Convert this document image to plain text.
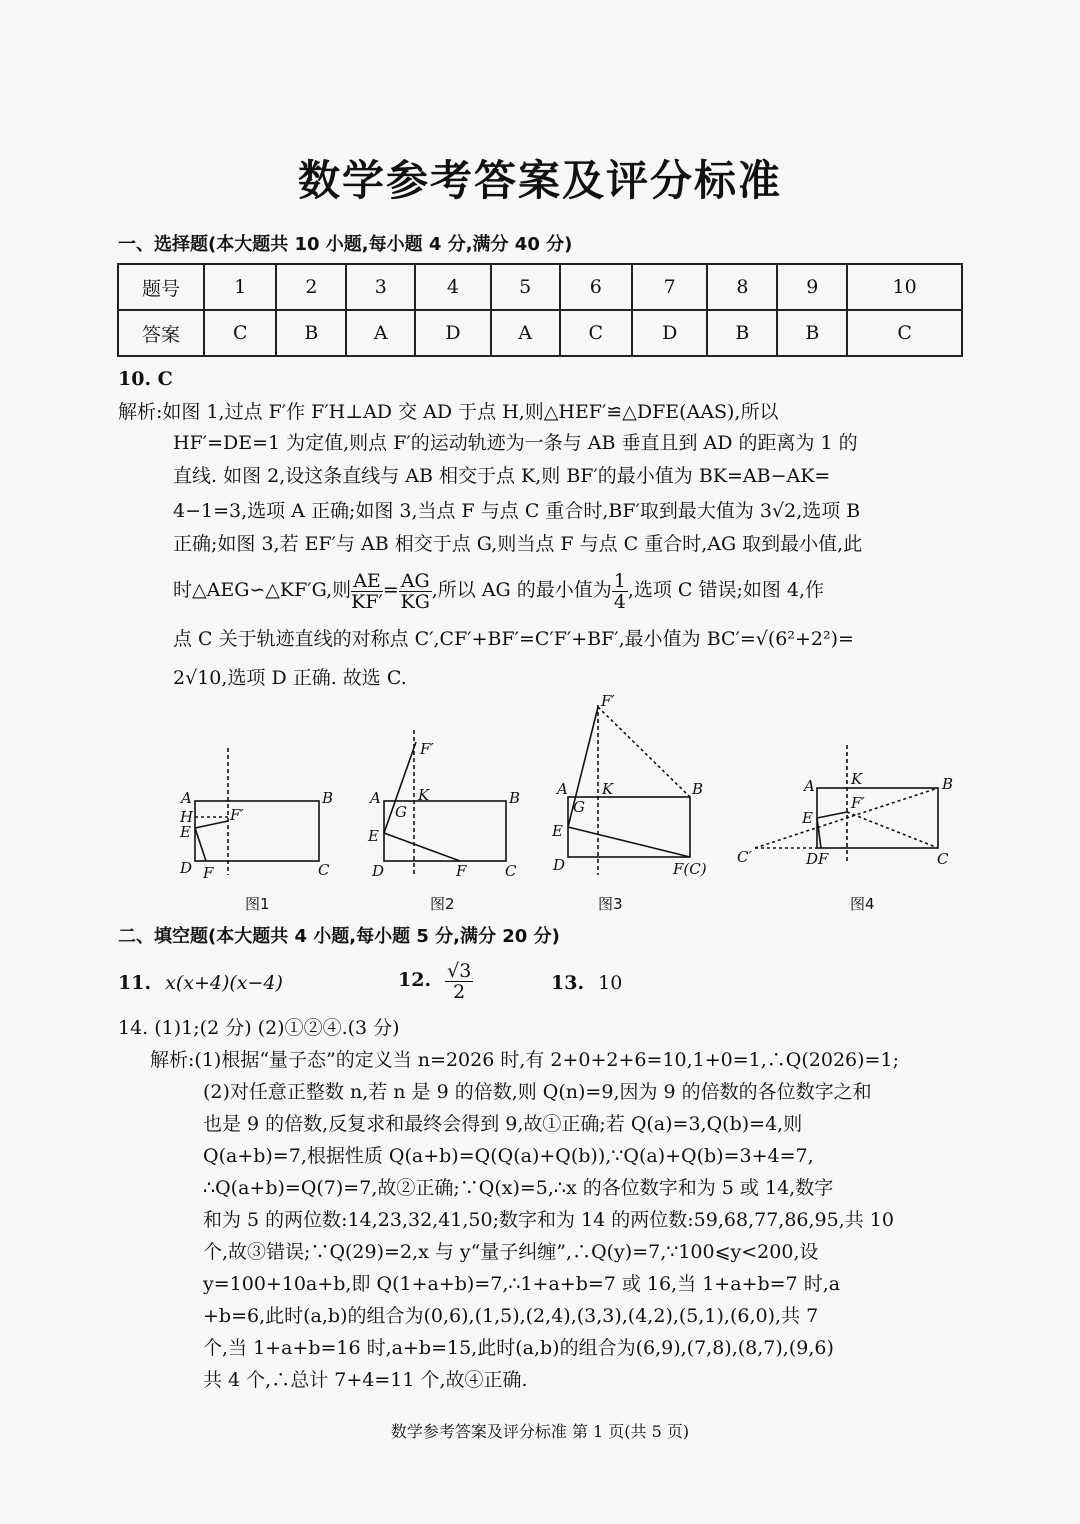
数学参考答案及评分标准
一、选择题(本大题共 10 小题,每小题 4 分,满分 40 分)
题号	1	2	3	4	5	6	7	8	9	10
答案	C	B	A	D	A	C	D	B	B	C
10. C
解析:如图 1,过点 F′作 F′H⊥AD 交 AD 于点 H,则△HEF′≌△DFE(AAS),所以
HF′=DE=1 为定值,则点 F′的运动轨迹为一条与 AB 垂直且到 AD 的距离为 1 的
直线. 如图 2,设这条直线与 AB 相交于点 K,则 BF′的最小值为 BK=AB−AK=
4−1=3,选项 A 正确;如图 3,当点 F 与点 C 重合时,BF′取到最大值为 3√2,选项 B
正确;如图 3,若 EF′与 AB 相交于点 G,则当点 F 与点 C 重合时,AG 取到最小值,此
时△AEG∽△KF′G,则 $\frac{AE}{KF'} = \frac{AG}{KG}$ ,所以 AG 的最小值为 $\frac{1}{4}$ ,选项 C 错误;如图 4,作
点 C 关于轨迹直线的对称点 C′,CF′+BF′=C′F′+BF′,最小值为 BC′=√(6²+2²)=
2√10,选项 D 正确. 故选 C.
A
H
E
D F
F′
B
C
A K
G
E
D	F
F′
B
C
A K
G
E
D	F(C)
F′
B	A K
F′
E
DF
C′
B
C
图1	图2	图3	图4
二、填空题(本大题共 4 小题,每小题 5 分,满分 20 分)
11. x(x+4)(x−4)	12. $\frac{√3}{2}$	13. 10
14. (1)1;(2 分) (2)①②④.(3 分)
解析:(1)根据“量子态”的定义当 n=2026 时,有 2+0+2+6=10,1+0=1,∴Q(2026)=1;
(2)对任意正整数 n,若 n 是 9 的倍数,则 Q(n)=9,因为 9 的倍数的各位数字之和
也是 9 的倍数,反复求和最终会得到 9,故①正确;若 Q(a)=3,Q(b)=4,则
Q(a+b)=7,根据性质 Q(a+b)=Q(Q(a)+Q(b)),∵Q(a)+Q(b)=3+4=7,
∴Q(a+b)=Q(7)=7,故②正确;∵Q(x)=5,∴x 的各位数字和为 5 或 14,数字
和为 5 的两位数:14,23,32,41,50;数字和为 14 的两位数:59,68,77,86,95,共 10
个,故③错误;∵Q(29)=2,x 与 y“量子纠缠”,∴Q(y)=7,∵100⩽y<200,设
y=100+10a+b,即 Q(1+a+b)=7,∴1+a+b=7 或 16,当 1+a+b=7 时,a
+b=6,此时(a,b)的组合为(0,6),(1,5),(2,4),(3,3),(4,2),(5,1),(6,0),共 7
个,当 1+a+b=16 时,a+b=15,此时(a,b)的组合为(6,9),(7,8),(8,7),(9,6)
共 4 个,∴总计 7+4=11 个,故④正确.
数学参考答案及评分标准 第 1 页(共 5 页)
